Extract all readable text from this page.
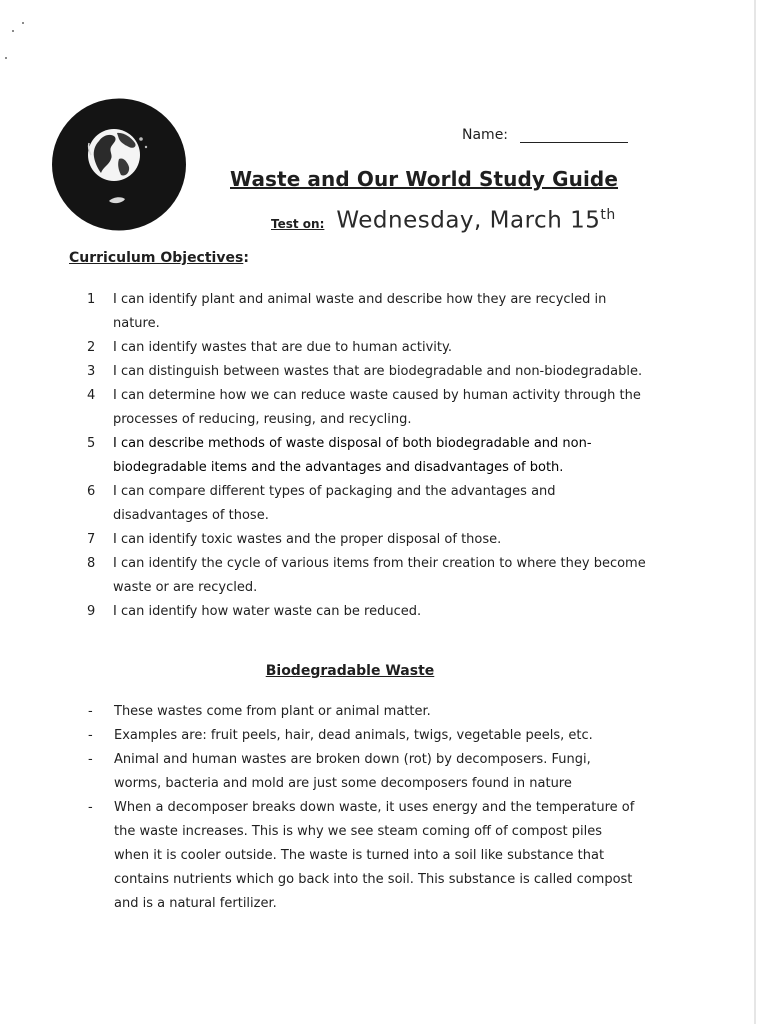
Name:
Waste and Our World Study Guide
Test on: Wednesday, March 15th
Curriculum Objectives:
1	I can identify plant and animal waste and describe how they are recycled in nature.
2	I can identify wastes that are due to human activity.
3	I can distinguish between wastes that are biodegradable and non-biodegradable.
4	I can determine how we can reduce waste caused by human activity through the processes of reducing, reusing, and recycling.
5	I can describe methods of waste disposal of both biodegradable and non-biodegradable items and the advantages and disadvantages of both.
6	I can compare different types of packaging and the advantages and disadvantages of those.
7	I can identify toxic wastes and the proper disposal of those.
8	I can identify the cycle of various items from their creation to where they become waste or are recycled.
9	I can identify how water waste can be reduced.
Biodegradable Waste
-	These wastes come from plant or animal matter.
-	Examples are: fruit peels, hair, dead animals, twigs, vegetable peels, etc.
-	Animal and human wastes are broken down (rot) by decomposers. Fungi, worms, bacteria and mold are just some decomposers found in nature
-	When a decomposer breaks down waste, it uses energy and the temperature of the waste increases. This is why we see steam coming off of compost piles when it is cooler outside. The waste is turned into a soil like substance that contains nutrients which go back into the soil. This substance is called compost and is a natural fertilizer.
